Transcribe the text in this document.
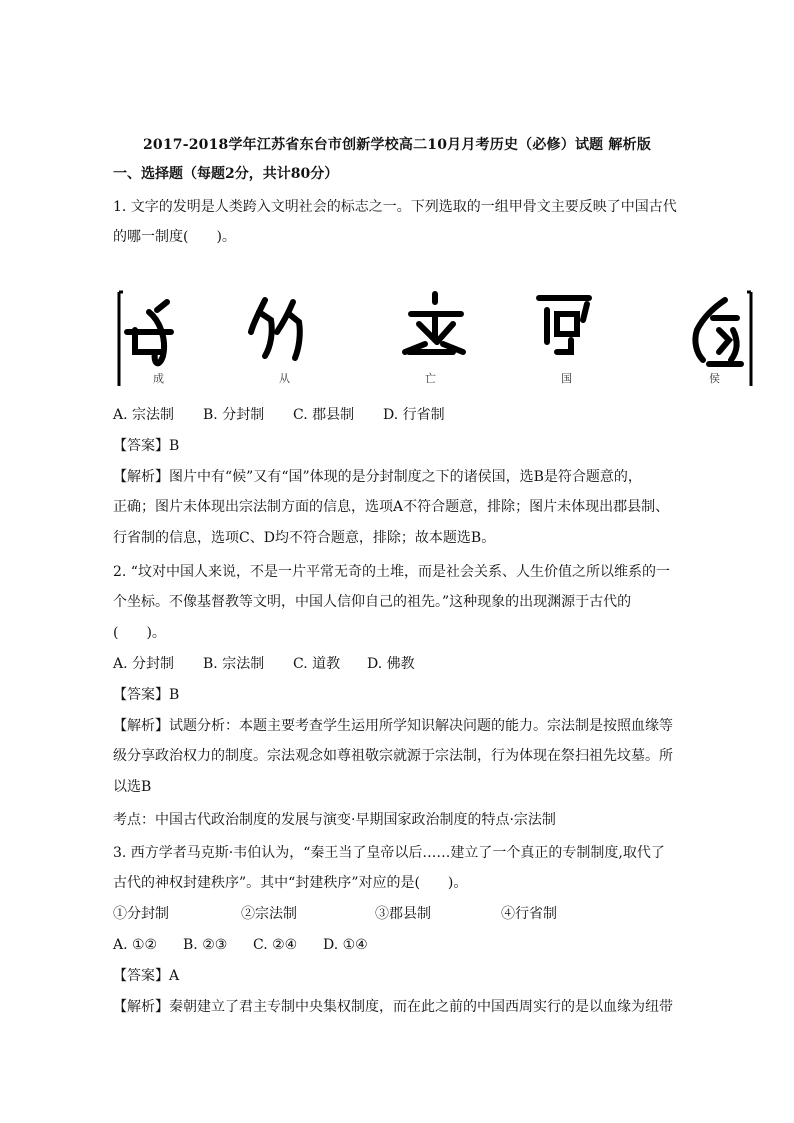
2017-2018学年江苏省东台市创新学校高二10月月考历史（必修）试题 解析版
一、选择题（每题2分，共计80分）
1. 文字的发明是人类跨入文明社会的标志之一。下列选取的一组甲骨文主要反映了中国古代
的哪一制度(　　)。
成	从	亡	国	侯
A. 宗法制 B. 分封制 C. 郡县制 D. 行省制
【答案】B
【解析】图片中有“候”又有“国”体现的是分封制度之下的诸侯国，选B是符合题意的，
正确；图片未体现出宗法制方面的信息，选项A不符合题意，排除；图片未体现出郡县制、
行省制的信息，选项C、D均不符合题意，排除；故本题选B。
2. “坟对中国人来说，不是一片平常无奇的土堆，而是社会关系、人生价值之所以维系的一
个坐标。不像基督教等文明，中国人信仰自己的祖先。”这种现象的出现渊源于古代的
(　　)。
A. 分封制 B. 宗法制 C. 道教 D. 佛教
【答案】B
【解析】试题分析：本题主要考查学生运用所学知识解决问题的能力。宗法制是按照血缘等
级分享政治权力的制度。宗法观念如尊祖敬宗就源于宗法制，行为体现在祭扫祖先坟墓。所
以选B
考点：中国古代政治制度的发展与演变·早期国家政治制度的特点·宗法制
3. 西方学者马克斯·韦伯认为，“秦王当了皇帝以后……建立了一个真正的专制制度,取代了
古代的神权封建秩序”。其中“封建秩序”对应的是(　　)。
①分封制	②宗法制	③郡县制	④行省制
A. ①② B. ②③ C. ②④ D. ①④
【答案】A
【解析】秦朝建立了君主专制中央集权制度，而在此之前的中国西周实行的是以血缘为纽带
